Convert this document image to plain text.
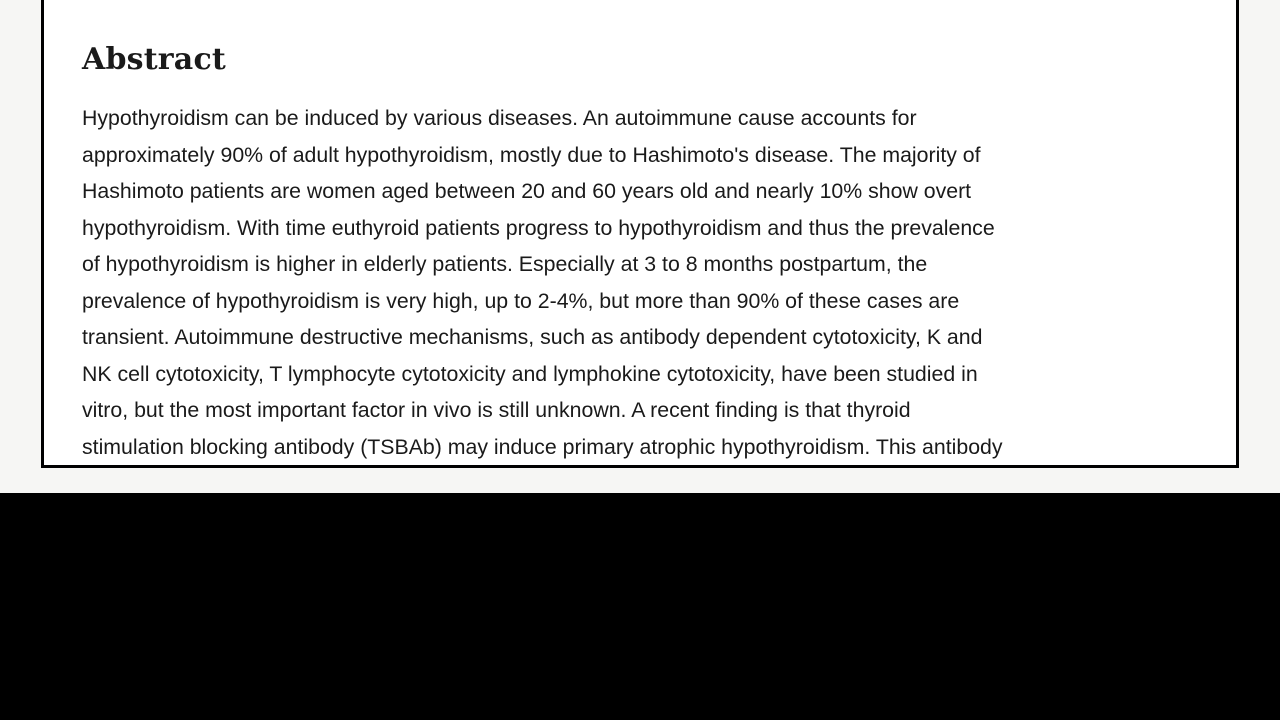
Abstract

Hypothyroidism can be induced by various diseases. An autoimmune cause accounts for
approximately 90% of adult hypothyroidism, mostly due to Hashimoto's disease. The majority of
Hashimoto patients are women aged between 20 and 60 years old and nearly 10% show overt
hypothyroidism. With time euthyroid patients progress to hypothyroidism and thus the prevalence
of hypothyroidism is higher in elderly patients. Especially at 3 to 8 months postpartum, the
prevalence of hypothyroidism is very high, up to 2-4%, but more than 90% of these cases are
transient. Autoimmune destructive mechanisms, such as antibody dependent cytotoxicity, K and
NK cell cytotoxicity, T lymphocyte cytotoxicity and lymphokine cytotoxicity, have been studied in
vitro, but the most important factor in vivo is still unknown. A recent finding is that thyroid
stimulation blocking antibody (TSBAb) may induce primary atrophic hypothyroidism. This antibody
